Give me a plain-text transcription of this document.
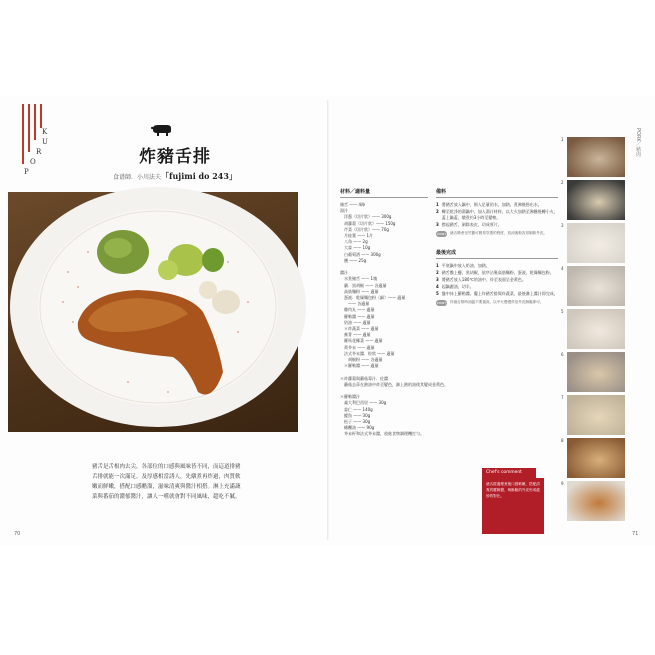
K
U
R
O
P
炸豬舌排
食谱師．小川法夫「fujimi do 243」
餐盤：FUJIMI 原創 25% 鍛造／銀色
豬舌是舌根肉去尖，各部位的口感與風味皆不同，而這道排豬舌排就能一次滿足。及厚感相當誘人，先燉煮再炸過，肉質軟嫩而鮮嫩，搭配口感醋溜，滋味清爽與醬汁相搭。淋上充滿蔬菜與番茄的濃郁醬汁，讓人一嚐就會對不同風味，超吃不膩。
70
PORK／豬肉
材料／適料量
豬舌 —— 4條
湯汁
　洋蔥（切片狀）—— 300g
　胡蘿蔔（切片狀）—— 150g
　芹菜（切片狀）—— 70g
　月桂葉 —— 1片
　八角 —— 2g
　大蒜 —— 10g
　白葡萄酒 —— 300g
　鹽 —— 25g
醬汁
　水煮豬舌 —— 1塊
　蘑．黑胡椒 —— 各適量
　高筋麵粉 —— 適量
　蛋液．乾燥麵包粉（細）—— 適量
　　—— 各適量
　雞肉丸 —— 適量
　羅勒醬 —— 適量
　奶油 —— 適量
　＊炸蔬菜 —— 適量
　蕪菁 —— 適量
　羅馬花椰菜 —— 適量
　黃芥末 —— 適量
　法式芥末醬．粒狀 —— 適量
　　胡椒粉 —— 各適量
　＊羅勒醬 —— 適量
＊炸蘿蔔與蘑菇莓汁．佐醬
　蘑菇去蒂在熱油中炸至變色，淋上熱的油使其變成金黃色。
＊羅勒醬汁
　義大利巴西里 —— 30g
　蒜仁 —— 140g
　鯷魚 —— 30g
　松子 —— 30g
　橄欖油 —— 90g
　芥末籽和法式芥末醬，放進食物調理機打勻。
備料
1 將豬舌放入鍋中，倒入足量的水，加熱。煮沸後捞出水。
2 轉至乾淨的湯鍋中，加入湯汁材料，以大火加熱至沸騰後轉小火，蓋上鍋蓋，燉煮約3小時至變軟。
3 撈起豬舌，剝除表皮，切成厚片。
POINT 豬舌燉煮至竹籤可輕易穿透的程度，放涼後較容易剝除外皮。
最後完成
1 平底鍋中放入奶油，加熱。
2 豬舌撒上鹽、黑胡椒，依序沾裹高筋麵粉、蛋液、乾燥麵包粉。
3 將豬舌放入180℃的油中，炸至表面呈金黃色。
4 起鍋瀝油，切半。
5 盤中抹上羅勒醬，擺上炸豬舌排與炸蔬菜，最後淋上醬汁即完成。
POINT 炸豬舌排時油溫不要過高，以中火慢慢炸至外皮酥脆即可。
Chef's comment
豬舌經過燉煮後口感軟嫩，搭配清爽的羅勒醬，與酥脆的外皮形成絕妙的對比。
1
2
3
4
5
6
7
8
9
71
